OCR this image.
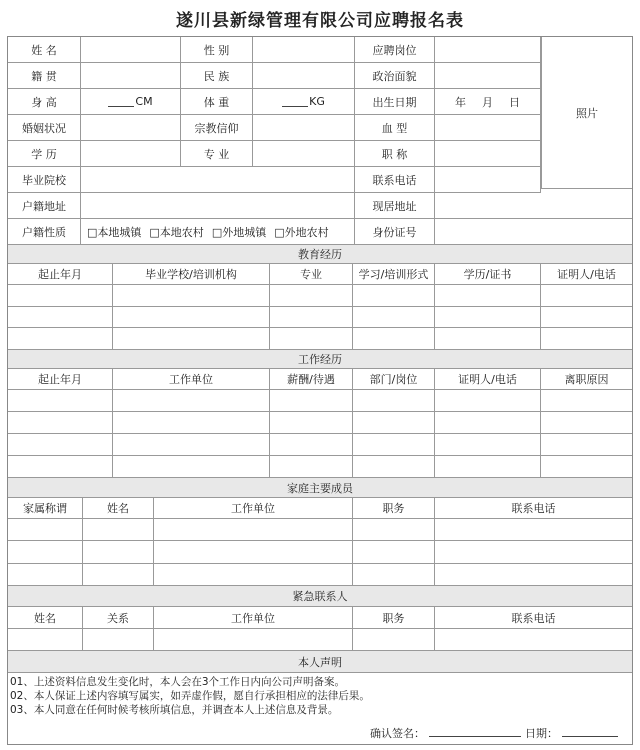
遂川县新绿管理有限公司应聘报名表
姓 名	性 别	应聘岗位
照片
籍 贯	民 族	政治面貌
身 高	CM	体 重	KG	出生日期	年 月 日
婚姻状况	宗教信仰	血 型
学 历	专 业	职 称
毕业院校	联系电话
户籍地址	现居地址
户籍性质	□本地城镇 □本地农村 □外地城镇 □外地农村	身份证号
教育经历
起止年月	毕业学校/培训机构	专业	学习/培训形式	学历/证书	证明人/电话
工作经历
起止年月	工作单位	薪酬/待遇	部门/岗位	证明人/电话	离职原因
家庭主要成员
家属称谓	姓名	工作单位	职务	联系电话
紧急联系人
姓名	关系	工作单位	职务	联系电话
本人声明
01、上述资料信息发生变化时，本人会在3个工作日内向公司声明备案。
02、本人保证上述内容填写属实，如弄虚作假，愿自行承担相应的法律后果。
03、本人同意在任何时候考核所填信息，并调查本人上述信息及背景。
确认签名：	日期：
